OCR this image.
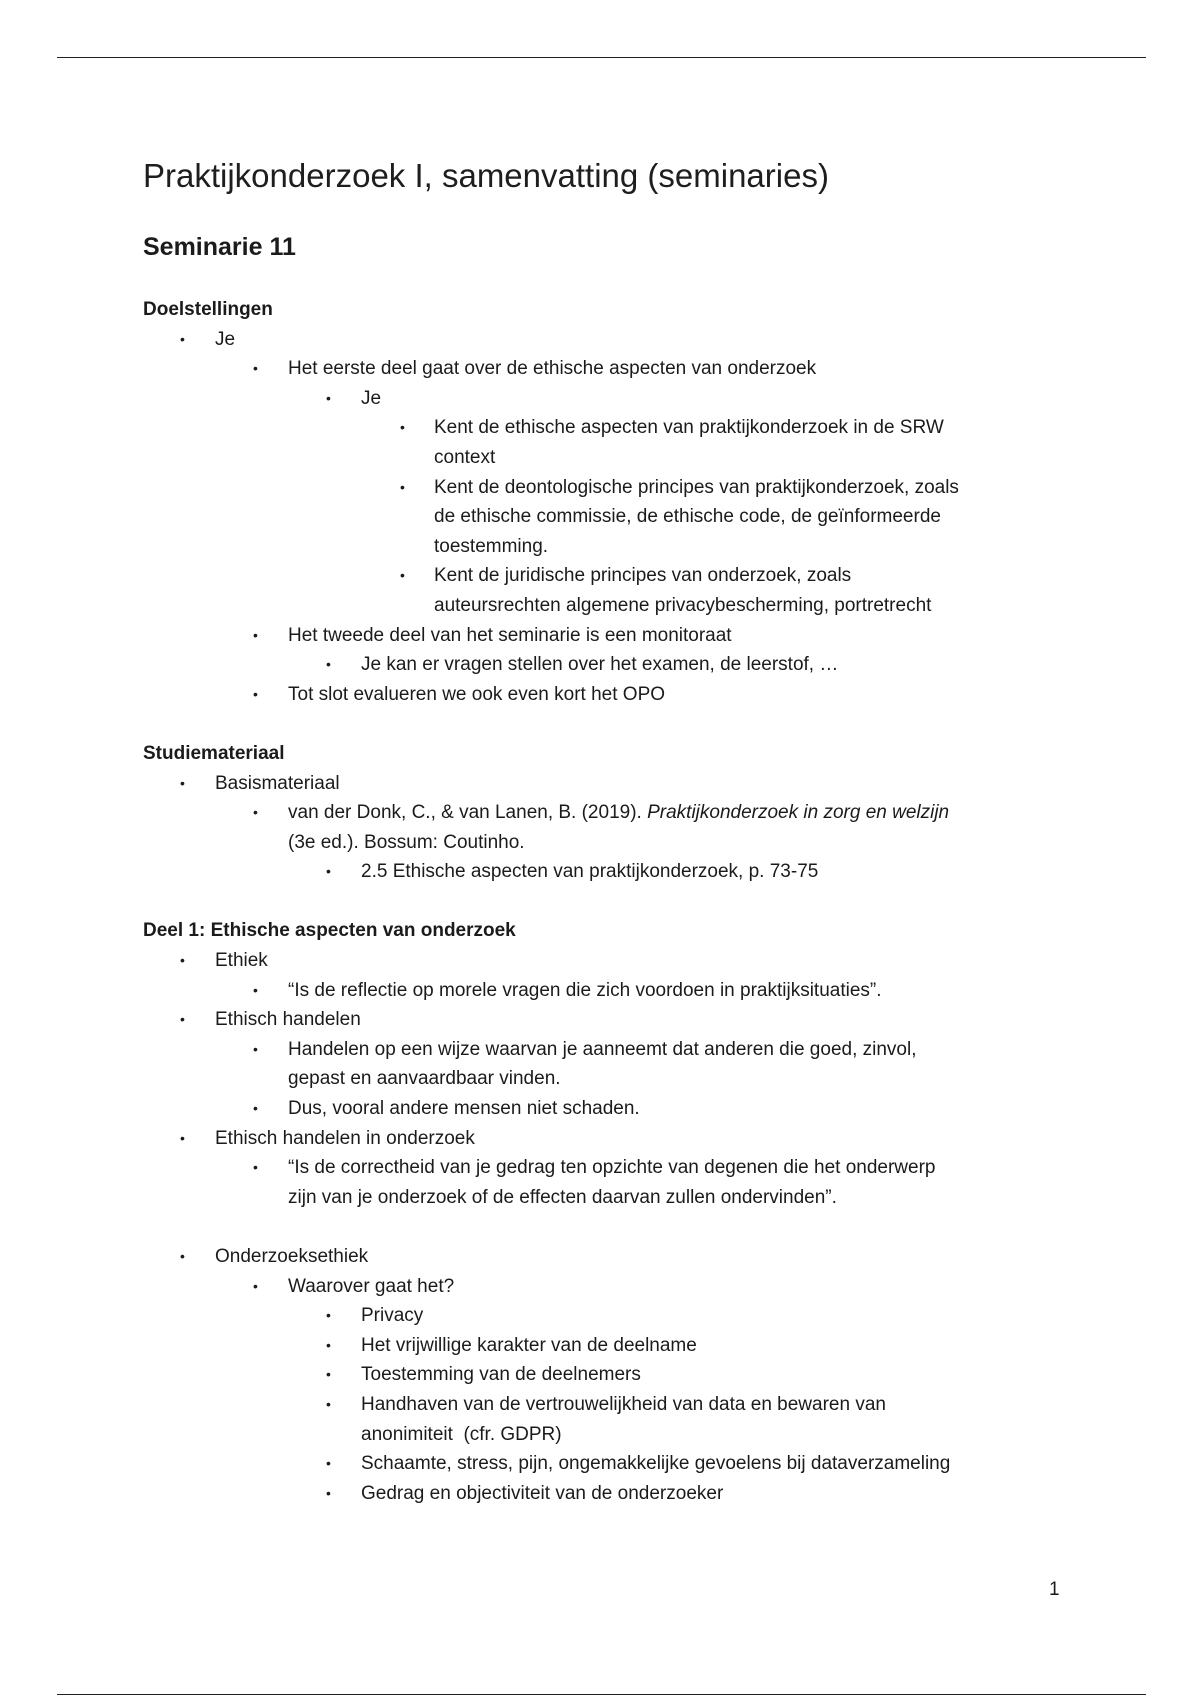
Praktijkonderzoek I, samenvatting (seminaries)
Seminarie 11
Doelstellingen
• Je
• Het eerste deel gaat over de ethische aspecten van onderzoek
• Je
• Kent de ethische aspecten van praktijkonderzoek in de SRW
context
• Kent de deontologische principes van praktijkonderzoek, zoals
de ethische commissie, de ethische code, de geïnformeerde
toestemming.
• Kent de juridische principes van onderzoek, zoals
auteursrechten algemene privacybescherming, portretrecht
• Het tweede deel van het seminarie is een monitoraat
• Je kan er vragen stellen over het examen, de leerstof, …
• Tot slot evalueren we ook even kort het OPO
Studiemateriaal
• Basismateriaal
• van der Donk, C., & van Lanen, B. (2019). Praktijkonderzoek in zorg en welzijn
(3e ed.). Bossum: Coutinho.
• 2.5 Ethische aspecten van praktijkonderzoek, p. 73-75
Deel 1: Ethische aspecten van onderzoek
• Ethiek
• “Is de reflectie op morele vragen die zich voordoen in praktijksituaties”.
• Ethisch handelen
• Handelen op een wijze waarvan je aanneemt dat anderen die goed, zinvol,
gepast en aanvaardbaar vinden.
• Dus, vooral andere mensen niet schaden.
• Ethisch handelen in onderzoek
• “Is de correctheid van je gedrag ten opzichte van degenen die het onderwerp
zijn van je onderzoek of de effecten daarvan zullen ondervinden”.
• Onderzoeksethiek
• Waarover gaat het?
• Privacy
• Het vrijwillige karakter van de deelname
• Toestemming van de deelnemers
• Handhaven van de vertrouwelijkheid van data en bewaren van
anonimiteit  (cfr. GDPR)
• Schaamte, stress, pijn, ongemakkelijke gevoelens bij dataverzameling
• Gedrag en objectiviteit van de onderzoeker
1
